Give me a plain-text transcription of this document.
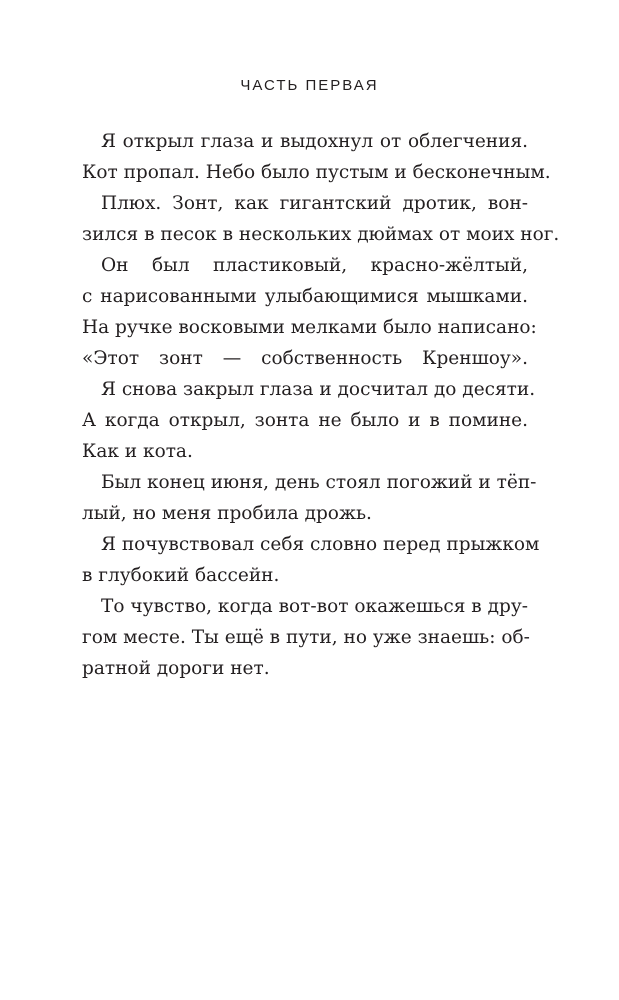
ЧАСТЬ ПЕРВАЯ
Я открыл глаза и выдохнул от облегчения.
Кот пропал. Небо было пустым и бесконечным.
Плюх. Зонт, как гигантский дротик, вон-
зился в песок в нескольких дюймах от моих ног.
Он был пластиковый, красно-жёлтый,
с нарисованными улыбающимися мышками.
На ручке восковыми мелками было написано:
«Этот зонт — собственность Креншоу».
Я снова закрыл глаза и досчитал до десяти.
А когда открыл, зонта не было и в помине.
Как и кота.
Был конец июня, день стоял погожий и тёп-
лый, но меня пробила дрожь.
Я почувствовал себя словно перед прыжком
в глубокий бассейн.
То чувство, когда вот-вот окажешься в дру-
гом месте. Ты ещё в пути, но уже знаешь: об-
ратной дороги нет.
